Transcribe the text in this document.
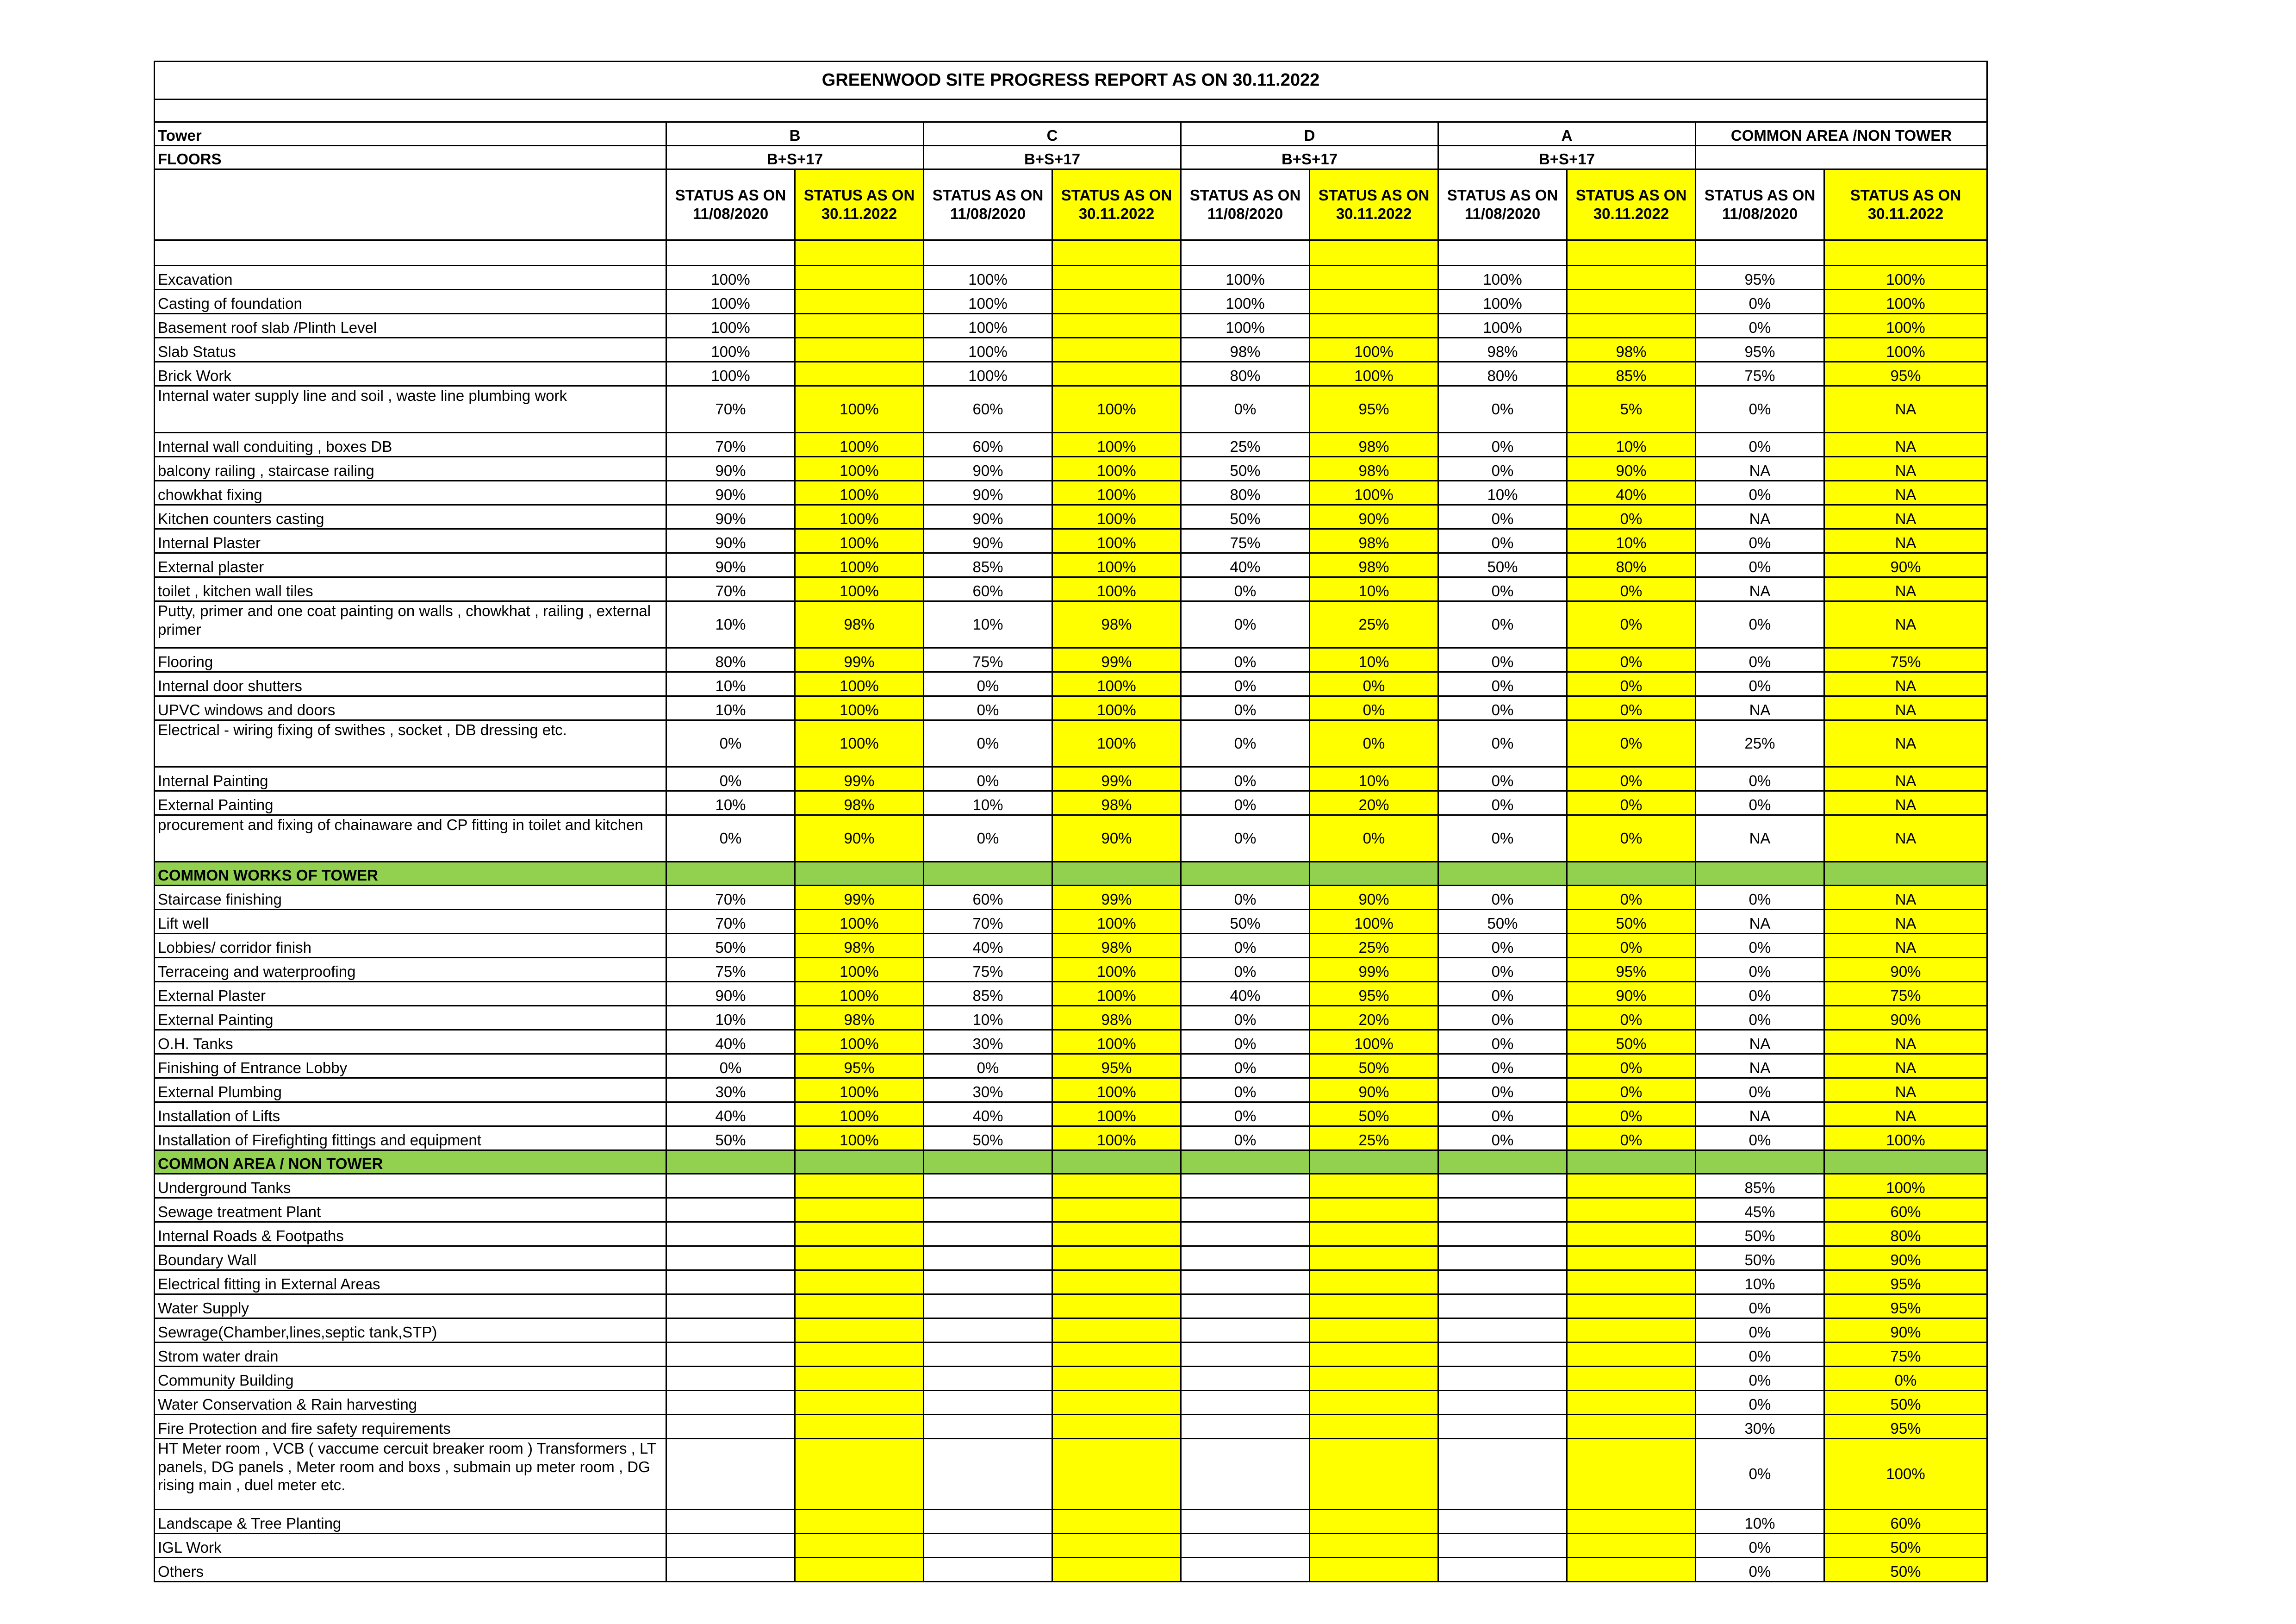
GREENWOOD SITE PROGRESS REPORT AS ON 30.11.2022										

Tower	B		C		D		A		COMMON AREA /NON TOWER	
FLOORS	B+S+17		B+S+17		B+S+17		B+S+17			
	STATUS AS ON 11/08/2020	STATUS AS ON 30.11.2022	STATUS AS ON 11/08/2020	STATUS AS ON 30.11.2022	STATUS AS ON 11/08/2020	STATUS AS ON 30.11.2022	STATUS AS ON 11/08/2020	STATUS AS ON 30.11.2022	STATUS AS ON 11/08/2020	STATUS AS ON 30.11.2022

Excavation	100%		100%		100%		100%		95%	100%
Casting of foundation	100%		100%		100%		100%		0%	100%
Basement roof slab /Plinth Level	100%		100%		100%		100%		0%	100%
Slab Status	100%		100%		98%	100%	98%	98%	95%	100%
Brick Work	100%		100%		80%	100%	80%	85%	75%	95%
Internal water supply line and soil , waste line plumbing work	70%	100%	60%	100%	0%	95%	0%	5%	0%	NA
Internal wall conduiting , boxes DB	70%	100%	60%	100%	25%	98%	0%	10%	0%	NA
balcony railing , staircase railing	90%	100%	90%	100%	50%	98%	0%	90%	NA	NA
chowkhat fixing	90%	100%	90%	100%	80%	100%	10%	40%	0%	NA
Kitchen counters casting	90%	100%	90%	100%	50%	90%	0%	0%	NA	NA
Internal Plaster	90%	100%	90%	100%	75%	98%	0%	10%	0%	NA
External plaster	90%	100%	85%	100%	40%	98%	50%	80%	0%	90%
toilet , kitchen wall tiles	70%	100%	60%	100%	0%	10%	0%	0%	NA	NA
Putty, primer and one coat painting on walls , chowkhat , railing , external primer	10%	98%	10%	98%	0%	25%	0%	0%	0%	NA
Flooring	80%	99%	75%	99%	0%	10%	0%	0%	0%	75%
Internal door shutters	10%	100%	0%	100%	0%	0%	0%	0%	0%	NA
UPVC windows and doors	10%	100%	0%	100%	0%	0%	0%	0%	NA	NA
Electrical - wiring fixing of swithes , socket , DB dressing etc.	0%	100%	0%	100%	0%	0%	0%	0%	25%	NA
Internal Painting	0%	99%	0%	99%	0%	10%	0%	0%	0%	NA
External Painting	10%	98%	10%	98%	0%	20%	0%	0%	0%	NA
procurement and fixing of chainaware and CP fitting in toilet and kitchen	0%	90%	0%	90%	0%	0%	0%	0%	NA	NA
COMMON WORKS OF TOWER										
Staircase finishing	70%	99%	60%	99%	0%	90%	0%	0%	0%	NA
Lift well	70%	100%	70%	100%	50%	100%	50%	50%	NA	NA
Lobbies/ corridor finish	50%	98%	40%	98%	0%	25%	0%	0%	0%	NA
Terraceing and waterproofing	75%	100%	75%	100%	0%	99%	0%	95%	0%	90%
External Plaster	90%	100%	85%	100%	40%	95%	0%	90%	0%	75%
External Painting	10%	98%	10%	98%	0%	20%	0%	0%	0%	90%
O.H. Tanks	40%	100%	30%	100%	0%	100%	0%	50%	NA	NA
Finishing of Entrance Lobby	0%	95%	0%	95%	0%	50%	0%	0%	NA	NA
External Plumbing	30%	100%	30%	100%	0%	90%	0%	0%	0%	NA
Installation of Lifts	40%	100%	40%	100%	0%	50%	0%	0%	NA	NA
Installation of Firefighting fittings and equipment	50%	100%	50%	100%	0%	25%	0%	0%	0%	100%
COMMON AREA / NON TOWER										
Underground Tanks									85%	100%
Sewage treatment Plant									45%	60%
Internal Roads & Footpaths									50%	80%
Boundary Wall									50%	90%
Electrical fitting in External Areas									10%	95%
Water Supply									0%	95%
Sewrage(Chamber,lines,septic tank,STP)									0%	90%
Strom water drain									0%	75%
Community Building									0%	0%
Water Conservation & Rain harvesting									0%	50%
Fire Protection and fire safety requirements									30%	95%
HT Meter room , VCB ( vaccume cercuit breaker room ) Transformers , LT panels, DG panels , Meter room and boxs , submain up meter room , DG rising main , duel meter etc.									0%	100%
Landscape & Tree Planting									10%	60%
IGL Work									0%	50%
Others									0%	50%
